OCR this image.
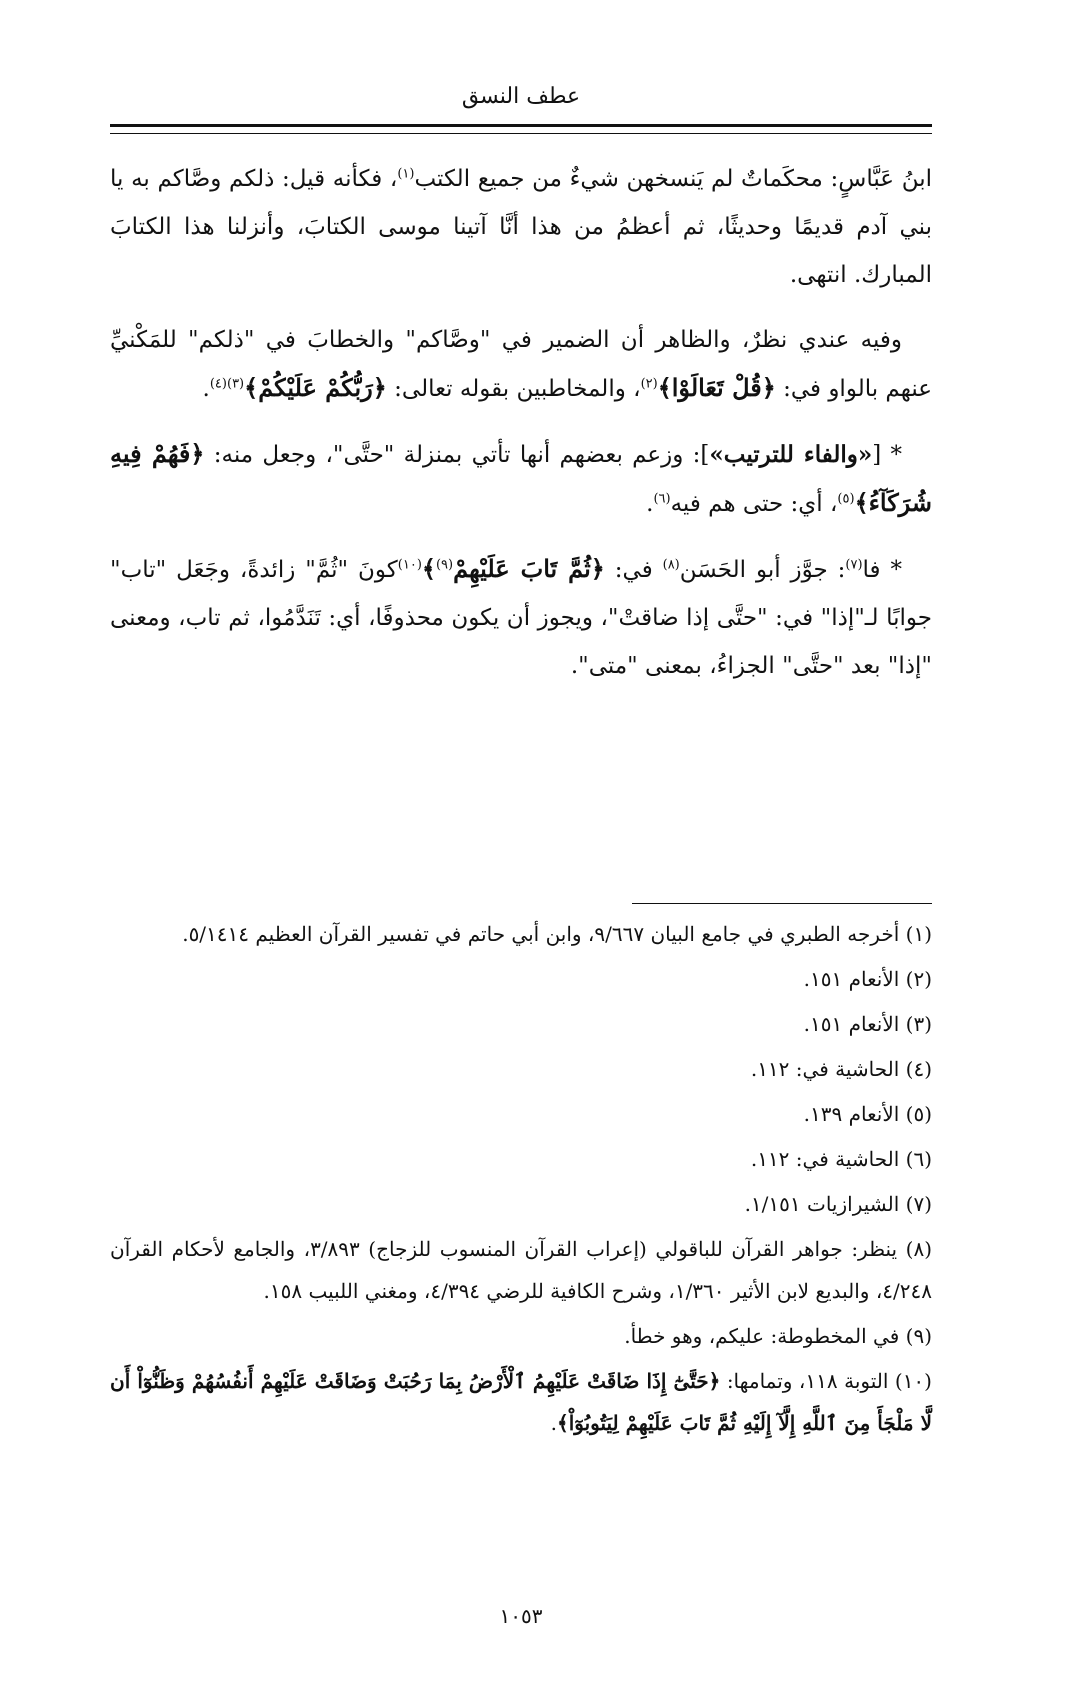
عطف النسق

ابنُ عَبَّاسٍ: محكَماتٌ لم يَنسخهن شيءٌ من جميع الكتب$^{(١)}$، فكأنه قيل: ذلكم وصَّاكم به يا بني آدم قديمًا وحديثًا، ثم أعظمُ من هذا أنَّا آتينا موسى الكتابَ، وأنزلنا هذا الكتابَ المبارك. انتهى.

وفيه عندي نظرٌ، والظاهر أن الضمير في "وصَّاكم" والخطابَ في "ذلكم" للمَكْنيِّ عنهم بالواو في: ﴿قُلْ تَعَالَوْا﴾$^{(٢)}$، والمخاطبين بقوله تعالى: ﴿رَبُّكُمْ عَلَيْكُمْ﴾$^{(٣)(٤)}$.

* [«والفاء للترتيب»]: وزعم بعضهم أنها تأتي بمنزلة "حتَّى"، وجعل منه: ﴿فَهُمْ فِيهِ شُرَكَآءُ﴾$^{(٥)}$، أي: حتى هم فيه$^{(٦)}$.

* فا$^{(٧)}$: جوَّز أبو الحَسَن$^{(٨)}$ في: ﴿ثُمَّ تَابَ عَلَيْهِمْ$^{(٩)}$﴾$^{(١٠)}$كونَ "ثُمَّ" زائدةً، وجَعَل "تاب" جوابًا لـ"إذا" في: "حتَّى إذا ضاقتْ"، ويجوز أن يكون محذوفًا، أي: تَنَدَّمُوا، ثم تاب، ومعنى "إذا" بعد "حتَّى" الجزاءُ، بمعنى "متى".

(١) أخرجه الطبري في جامع البيان ٩/٦٦٧، وابن أبي حاتم في تفسير القرآن العظيم ٥/١٤١٤.
(٢) الأنعام ١٥١.
(٣) الأنعام ١٥١.
(٤) الحاشية في: ١١٢.
(٥) الأنعام ١٣٩.
(٦) الحاشية في: ١١٢.
(٧) الشيرازيات ١/١٥١.
(٨) ينظر: جواهر القرآن للباقولي (إعراب القرآن المنسوب للزجاج) ٣/٨٩٣، والجامع لأحكام القرآن ٤/٢٤٨، والبديع لابن الأثير ١/٣٦٠، وشرح الكافية للرضي ٤/٣٩٤، ومغني اللبيب ١٥٨.
(٩) في المخطوطة: عليكم، وهو خطأ.
(١٠) التوبة ١١٨، وتمامها: ﴿حَتَّىٰٓ إِذَا ضَاقَتْ عَلَيْهِمُ ٱلْأَرْضُ بِمَا رَحُبَتْ وَضَاقَتْ عَلَيْهِمْ أَنفُسُهُمْ وَظَنُّوٓاْ أَن لَّا مَلْجَأَ مِنَ ٱللَّهِ إِلَّآ إِلَيْهِ ثُمَّ تَابَ عَلَيْهِمْ لِيَتُوبُوٓاْ﴾.
١٠٥٣
